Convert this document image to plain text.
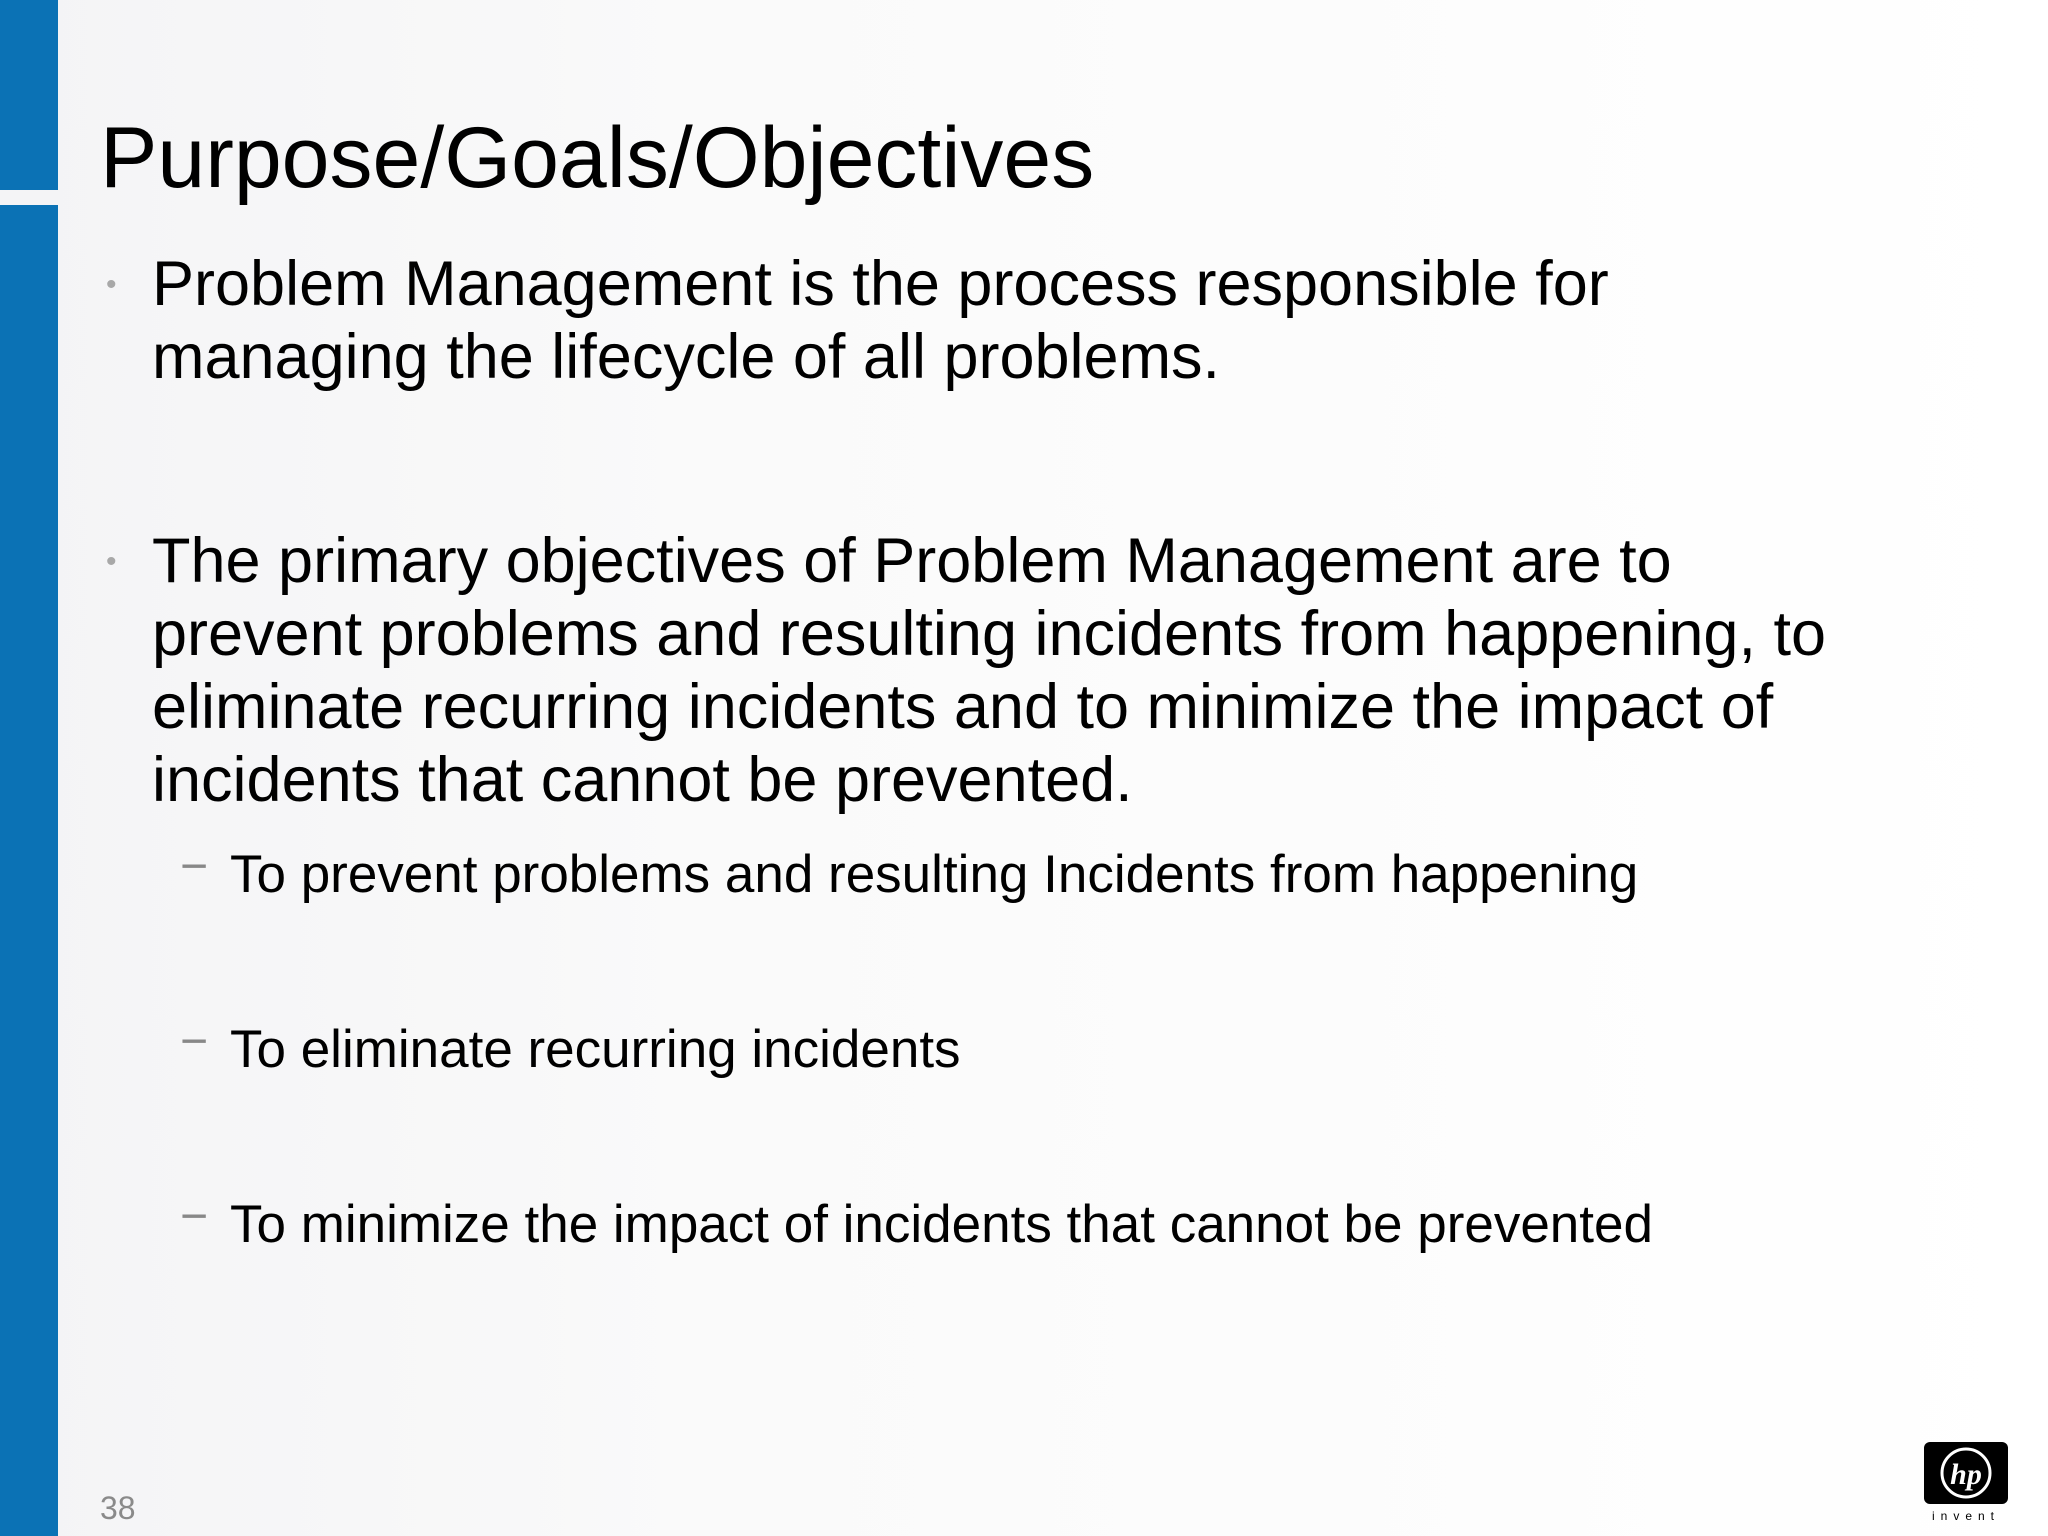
Purpose/Goals/Objectives
• Problem Management is the process responsible for
managing the lifecycle of all problems.
• The primary objectives of Problem Management are to
prevent problems and resulting incidents from happening, to
eliminate recurring incidents and to minimize the impact of
incidents that cannot be prevented.
− To prevent problems and resulting Incidents from happening
− To eliminate recurring incidents
− To minimize the impact of incidents that cannot be prevented
38
hp
invent
